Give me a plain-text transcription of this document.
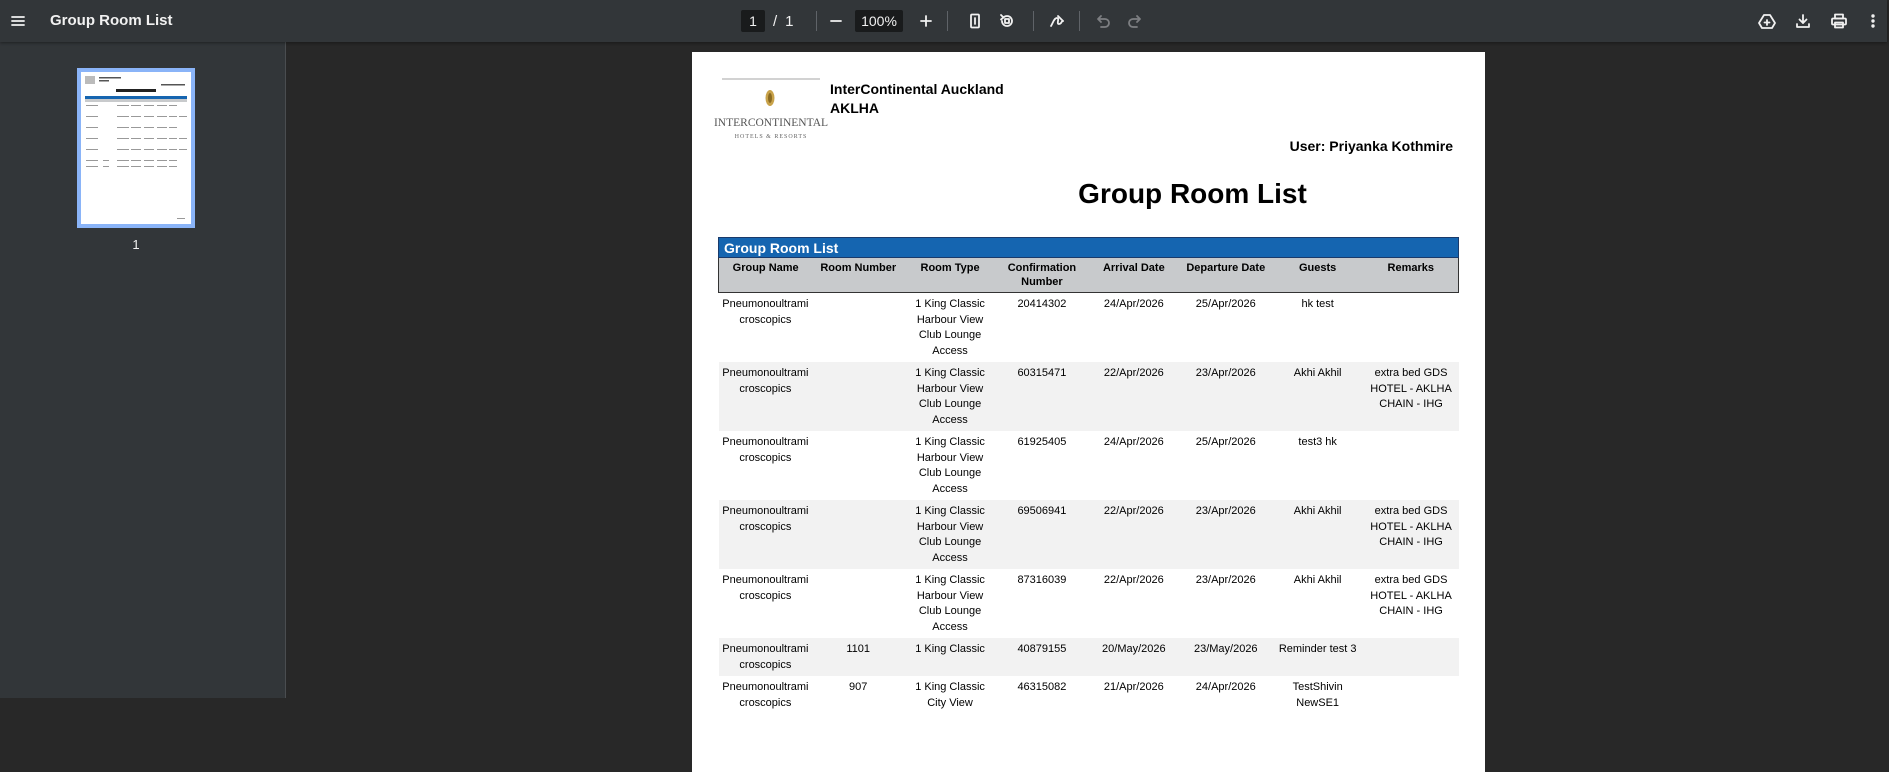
Group Room List	1	/ 1	100%
1
INTERCONTINENTAL
HOTELS & RESORTS
InterContinental Auckland
AKLHA
User: Priyanka Kothmire
Group Room List
Group Room List							
Group Name	Room Number	Room Type	Confirmation Number	Arrival Date	Departure Date	Guests	Remarks
Pneumonoultramicroscopics		1 King Classic Harbour View Club Lounge Access	20414302	24/Apr/2026	25/Apr/2026	hk test	
Pneumonoultramicroscopics		1 King Classic Harbour View Club Lounge Access	60315471	22/Apr/2026	23/Apr/2026	Akhi Akhil	extra bed GDS HOTEL - AKLHA CHAIN - IHG
Pneumonoultramicroscopics		1 King Classic Harbour View Club Lounge Access	61925405	24/Apr/2026	25/Apr/2026	test3 hk	
Pneumonoultramicroscopics		1 King Classic Harbour View Club Lounge Access	69506941	22/Apr/2026	23/Apr/2026	Akhi Akhil	extra bed GDS HOTEL - AKLHA CHAIN - IHG
Pneumonoultramicroscopics		1 King Classic Harbour View Club Lounge Access	87316039	22/Apr/2026	23/Apr/2026	Akhi Akhil	extra bed GDS HOTEL - AKLHA CHAIN - IHG
Pneumonoultramicroscopics	1101	1 King Classic	40879155	20/May/2026	23/May/2026	Reminder test 3	
Pneumonoultramicroscopics	907	1 King Classic City View	46315082	21/Apr/2026	24/Apr/2026	TestShivin NewSE1	
